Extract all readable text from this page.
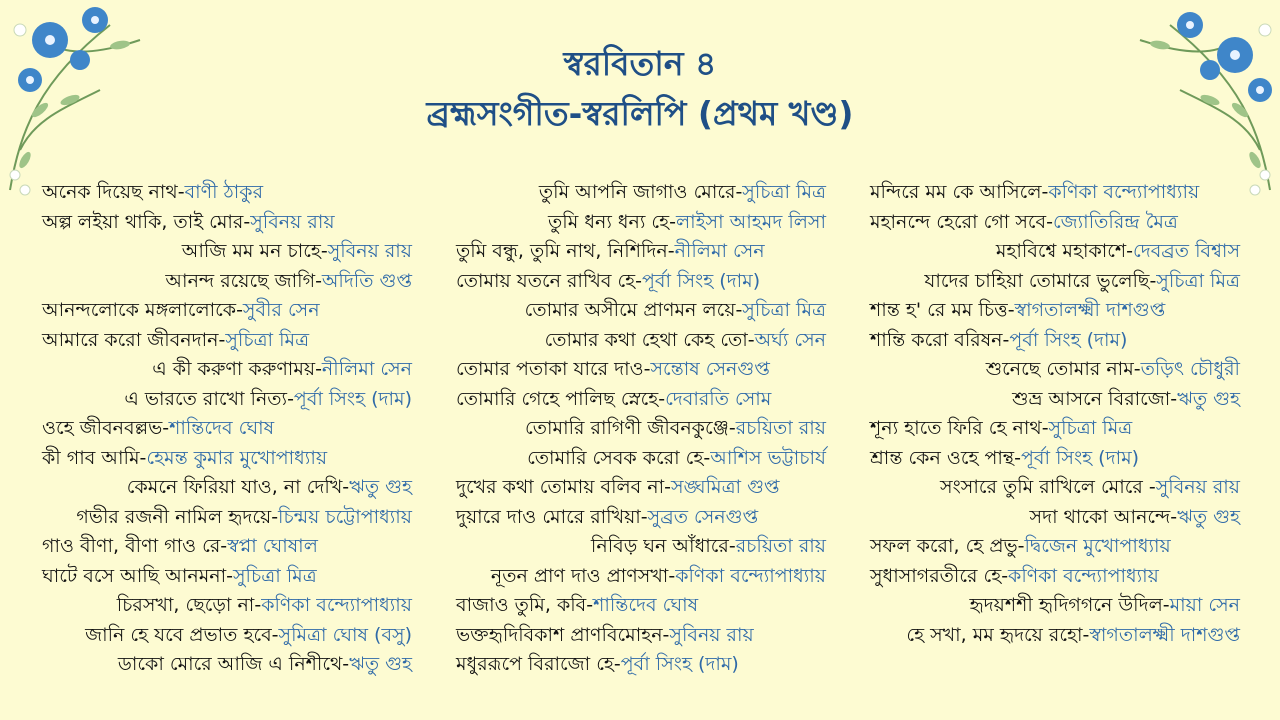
স্বরবিতান ৪
ব্রহ্মসংগীত-স্বরলিপি (প্রথম খণ্ড)
অনেক দিয়েছ নাথ-বাণী ঠাকুর
অল্প লইয়া থাকি, তাই মোর-সুবিনয় রায়
আজি মম মন চাহে-সুবিনয় রায়
আনন্দ রয়েছে জাগি-অদিতি গুপ্ত
আনন্দলোকে মঙ্গলালোকে-সুবীর সেন
আমারে করো জীবনদান-সুচিত্রা মিত্র
এ কী করুণা করুণাময়-নীলিমা সেন
এ ভারতে রাখো নিত্য-পূর্বা সিংহ (দাম)
ওহে জীবনবল্লভ-শান্তিদেব ঘোষ
কী গাব আমি-হেমন্ত কুমার মুখোপাধ্যায়
কেমনে ফিরিয়া যাও, না দেখি-ঋতু গুহ
গভীর রজনী নামিল হৃদয়ে-চিন্ময় চট্টোপাধ্যায়
গাও বীণা, বীণা গাও রে-স্বপ্না ঘোষাল
ঘাটে বসে আছি আনমনা-সুচিত্রা মিত্র
চিরসখা, ছেড়ো না-কণিকা বন্দ্যোপাধ্যায়
জানি হে যবে প্রভাত হবে-সুমিত্রা ঘোষ (বসু)
ডাকো মোরে আজি এ নিশীথে-ঋতু গুহ
তুমি আপনি জাগাও মোরে-সুচিত্রা মিত্র
তুমি ধন্য ধন্য হে-লাইসা আহমদ লিসা
তুমি বন্ধু, তুমি নাথ, নিশিদিন-নীলিমা সেন
তোমায় যতনে রাখিব হে-পূর্বা সিংহ (দাম)
তোমার অসীমে প্রাণমন লয়ে-সুচিত্রা মিত্র
তোমার কথা হেথা কেহ তো-অর্ঘ্য সেন
তোমার পতাকা যারে দাও-সন্তোষ সেনগুপ্ত
তোমারি গেহে পালিছ স্নেহে-দেবারতি সোম
তোমারি রাগিণী জীবনকুঞ্জে-রচয়িতা রায়
তোমারি সেবক করো হে-আশিস ভট্টাচার্য
দুখের কথা তোমায় বলিব না-সঙ্ঘমিত্রা গুপ্ত
দুয়ারে দাও মোরে রাখিয়া-সুব্রত সেনগুপ্ত
নিবিড় ঘন আঁধারে-রচয়িতা রায়
নূতন প্রাণ দাও প্রাণসখা-কণিকা বন্দ্যোপাধ্যায়
বাজাও তুমি, কবি-শান্তিদেব ঘোষ
ভক্তহৃদিবিকাশ প্রাণবিমোহন-সুবিনয় রায়
মধুররূপে বিরাজো হে-পূর্বা সিংহ (দাম)
মন্দিরে মম কে আসিলে-কণিকা বন্দ্যোপাধ্যায়
মহানন্দে হেরো গো সবে-জ্যোতিরিন্দ্র মৈত্র
মহাবিশ্বে মহাকাশে-দেবব্রত বিশ্বাস
যাদের চাহিয়া তোমারে ভুলেছি-সুচিত্রা মিত্র
শান্ত হ' রে মম চিত্ত-স্বাগতালক্ষ্মী দাশগুপ্ত
শান্তি করো বরিষন-পূর্বা সিংহ (দাম)
শুনেছে তোমার নাম-তড়িৎ চৌধুরী
শুভ্র আসনে বিরাজো-ঋতু গুহ
শূন্য হাতে ফিরি হে নাথ-সুচিত্রা মিত্র
শ্রান্ত কেন ওহে পান্থ-পূর্বা সিংহ (দাম)
সংসারে তুমি রাখিলে মোরে -সুবিনয় রায়
সদা থাকো আনন্দে-ঋতু গুহ
সফল করো, হে প্রভু-দ্বিজেন মুখোপাধ্যায়
সুধাসাগরতীরে হে-কণিকা বন্দ্যোপাধ্যায়
হৃদয়শশী হৃদিগগনে উদিল-মায়া সেন
হে সখা, মম হৃদয়ে রহো-স্বাগতালক্ষ্মী দাশগুপ্ত
